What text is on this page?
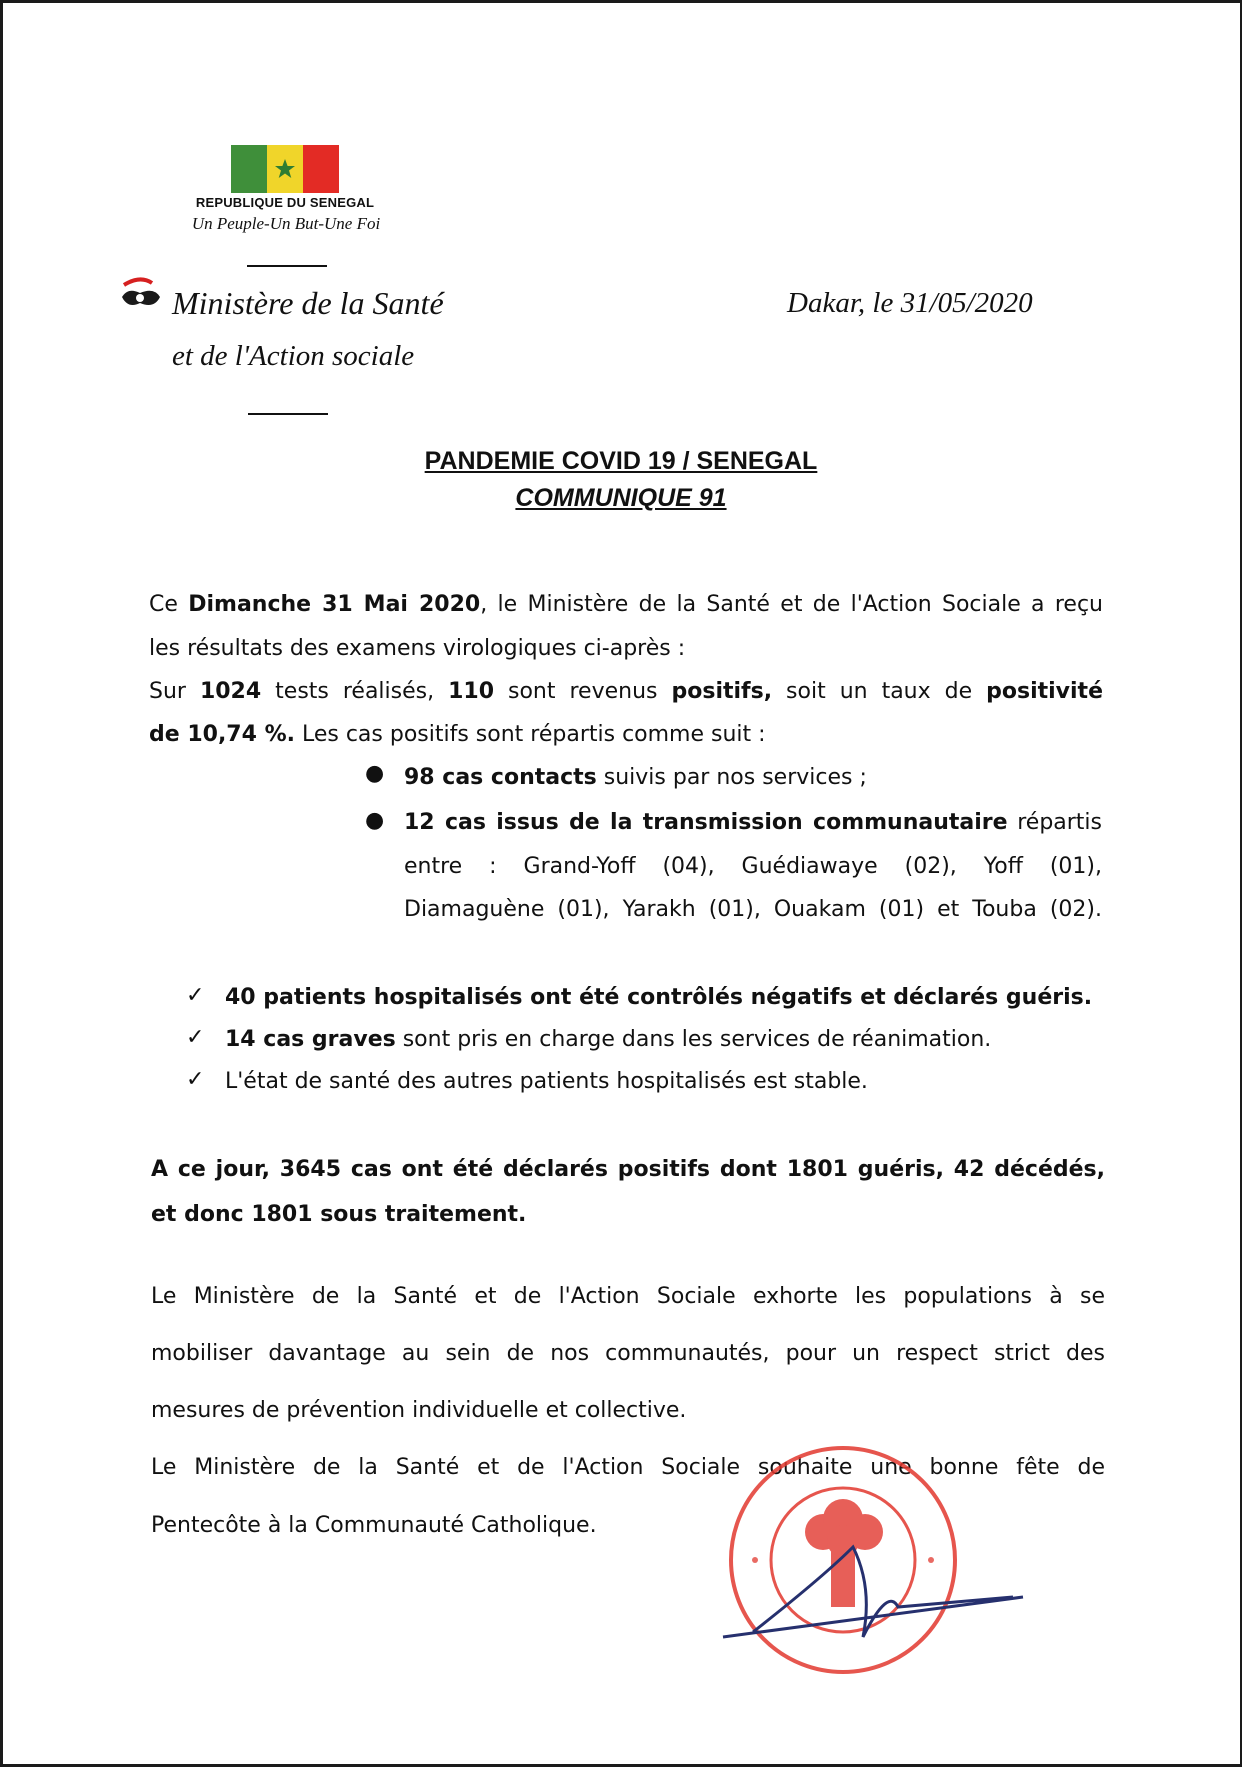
REPUBLIQUE DU SENEGAL
Un Peuple-Un But-Une Foi
Ministère de la Santé
et de l'Action sociale
Dakar, le 31/05/2020
PANDEMIE COVID 19 / SENEGAL
COMMUNIQUE 91
Ce Dimanche 31 Mai 2020, le Ministère de la Santé et de l'Action Sociale a reçu
les résultats des examens virologiques ci-après :
Sur 1024 tests réalisés, 110 sont revenus positifs, soit un taux de positivité
de 10,74 %. Les cas positifs sont répartis comme suit :
● 98 cas contacts suivis par nos services ;
● 12 cas issus de la transmission communautaire répartis
entre : Grand-Yoff (04), Guédiawaye (02), Yoff (01),
Diamaguène (01), Yarakh (01), Ouakam (01) et Touba (02).
✓ 40 patients hospitalisés ont été contrôlés négatifs et déclarés guéris.
✓ 14 cas graves sont pris en charge dans les services de réanimation.
✓ L'état de santé des autres patients hospitalisés est stable.
A ce jour, 3645 cas ont été déclarés positifs dont 1801 guéris, 42 décédés,
et donc 1801 sous traitement.
Le Ministère de la Santé et de l'Action Sociale exhorte les populations à se
mobiliser davantage au sein de nos communautés, pour un respect strict des
mesures de prévention individuelle et collective.
Le Ministère de la Santé et de l'Action Sociale souhaite une bonne fête de
Pentecôte à la Communauté Catholique.
